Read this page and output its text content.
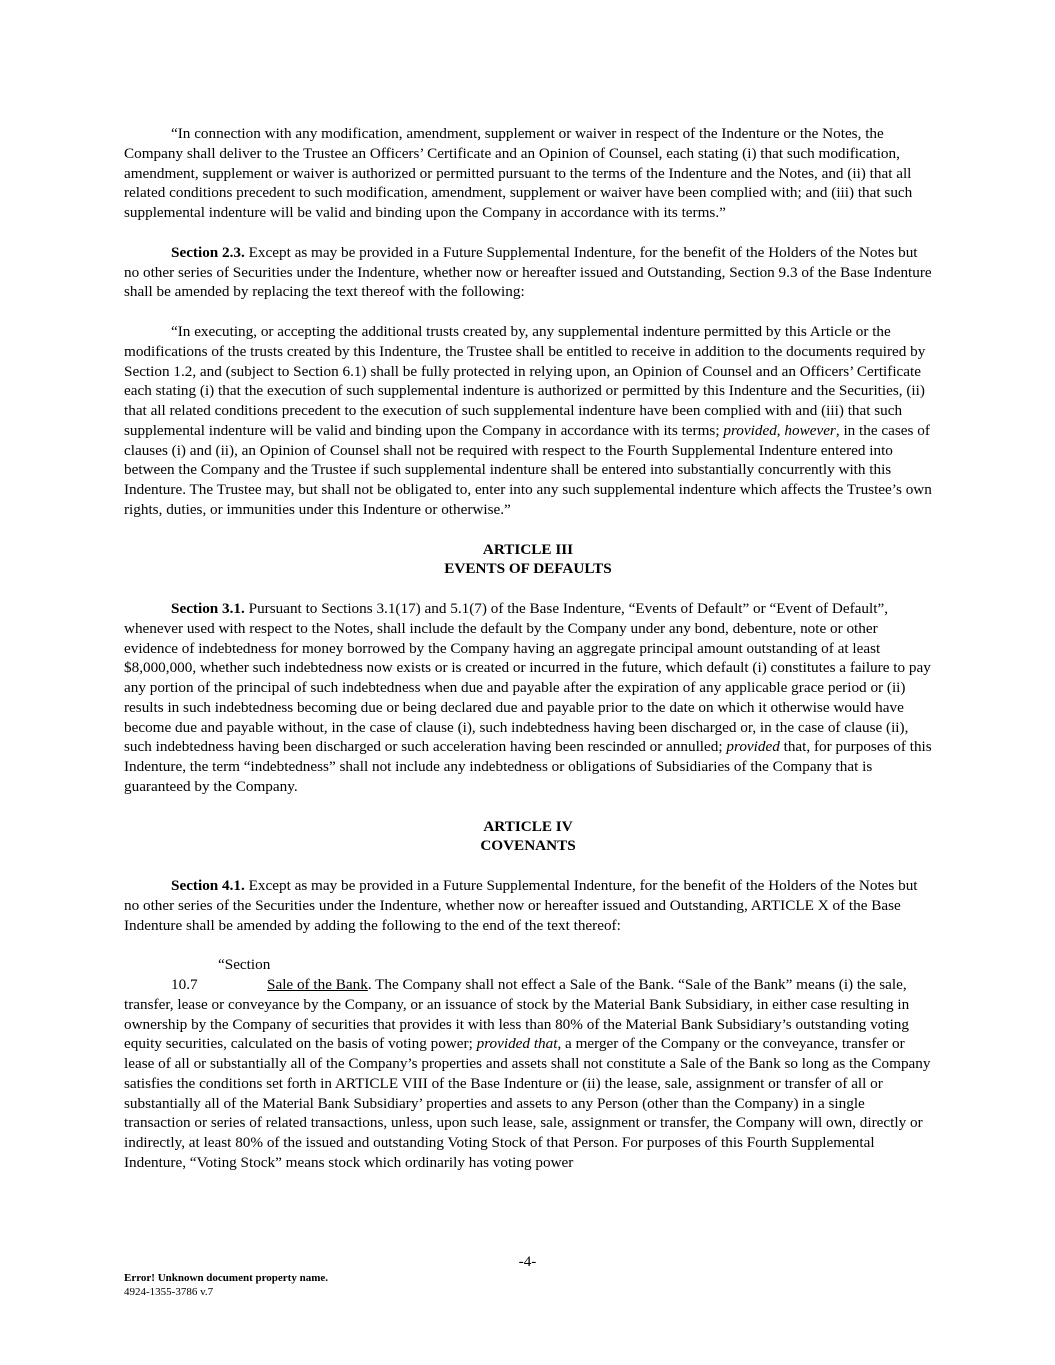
“In connection with any modification, amendment, supplement or waiver in respect of the Indenture or the Notes, the Company shall deliver to the Trustee an Officers’ Certificate and an Opinion of Counsel, each stating (i) that such modification, amendment, supplement or waiver is authorized or permitted pursuant to the terms of the Indenture and the Notes, and (ii) that all related conditions precedent to such modification, amendment, supplement or waiver have been complied with; and (iii) that such supplemental indenture will be valid and binding upon the Company in accordance with its terms.”

Section 2.3. Except as may be provided in a Future Supplemental Indenture, for the benefit of the Holders of the Notes but no other series of Securities under the Indenture, whether now or hereafter issued and Outstanding, Section 9.3 of the Base Indenture shall be amended by replacing the text thereof with the following:

“In executing, or accepting the additional trusts created by, any supplemental indenture permitted by this Article or the modifications of the trusts created by this Indenture, the Trustee shall be entitled to receive in addition to the documents required by Section 1.2, and (subject to Section 6.1) shall be fully protected in relying upon, an Opinion of Counsel and an Officers’ Certificate each stating (i) that the execution of such supplemental indenture is authorized or permitted by this Indenture and the Securities, (ii) that all related conditions precedent to the execution of such supplemental indenture have been complied with and (iii) that such supplemental indenture will be valid and binding upon the Company in accordance with its terms; provided, however, in the cases of clauses (i) and (ii), an Opinion of Counsel shall not be required with respect to the Fourth Supplemental Indenture entered into between the Company and the Trustee if such supplemental indenture shall be entered into substantially concurrently with this Indenture. The Trustee may, but shall not be obligated to, enter into any such supplemental indenture which affects the Trustee’s own rights, duties, or immunities under this Indenture or otherwise.”

ARTICLE III
EVENTS OF DEFAULTS

Section 3.1. Pursuant to Sections 3.1(17) and 5.1(7) of the Base Indenture, “Events of Default” or “Event of Default”, whenever used with respect to the Notes, shall include the default by the Company under any bond, debenture, note or other evidence of indebtedness for money borrowed by the Company having an aggregate principal amount outstanding of at least $8,000,000, whether such indebtedness now exists or is created or incurred in the future, which default (i) constitutes a failure to pay any portion of the principal of such indebtedness when due and payable after the expiration of any applicable grace period or (ii) results in such indebtedness becoming due or being declared due and payable prior to the date on which it otherwise would have become due and payable without, in the case of clause (i), such indebtedness having been discharged or, in the case of clause (ii), such indebtedness having been discharged or such acceleration having been rescinded or annulled; provided that, for purposes of this Indenture, the term “indebtedness” shall not include any indebtedness or obligations of Subsidiaries of the Company that is guaranteed by the Company.

ARTICLE IV
COVENANTS

Section 4.1. Except as may be provided in a Future Supplemental Indenture, for the benefit of the Holders of the Notes but no other series of the Securities under the Indenture, whether now or hereafter issued and Outstanding, ARTICLE X of the Base Indenture shall be amended by adding the following to the end of the text thereof:

“Section 10.7	Sale of the Bank. The Company shall not effect a Sale of the Bank. “Sale of the Bank” means (i) the sale, transfer, lease or conveyance by the Company, or an issuance of stock by the Material Bank Subsidiary, in either case resulting in ownership by the Company of securities that provides it with less than 80% of the Material Bank Subsidiary’s outstanding voting equity securities, calculated on the basis of voting power; provided that, a merger of the Company or the conveyance, transfer or lease of all or substantially all of the Company’s properties and assets shall not constitute a Sale of the Bank so long as the Company satisfies the conditions set forth in ARTICLE VIII of the Base Indenture or (ii) the lease, sale, assignment or transfer of all or substantially all of the Material Bank Subsidiary’ properties and assets to any Person (other than the Company) in a single transaction or series of related transactions, unless, upon such lease, sale, assignment or transfer, the Company will own, directly or indirectly, at least 80% of the issued and outstanding Voting Stock of that Person. For purposes of this Fourth Supplemental Indenture, “Voting Stock” means stock which ordinarily has voting power

-4-
Error! Unknown document property name.
4924-1355-3786 v.7
